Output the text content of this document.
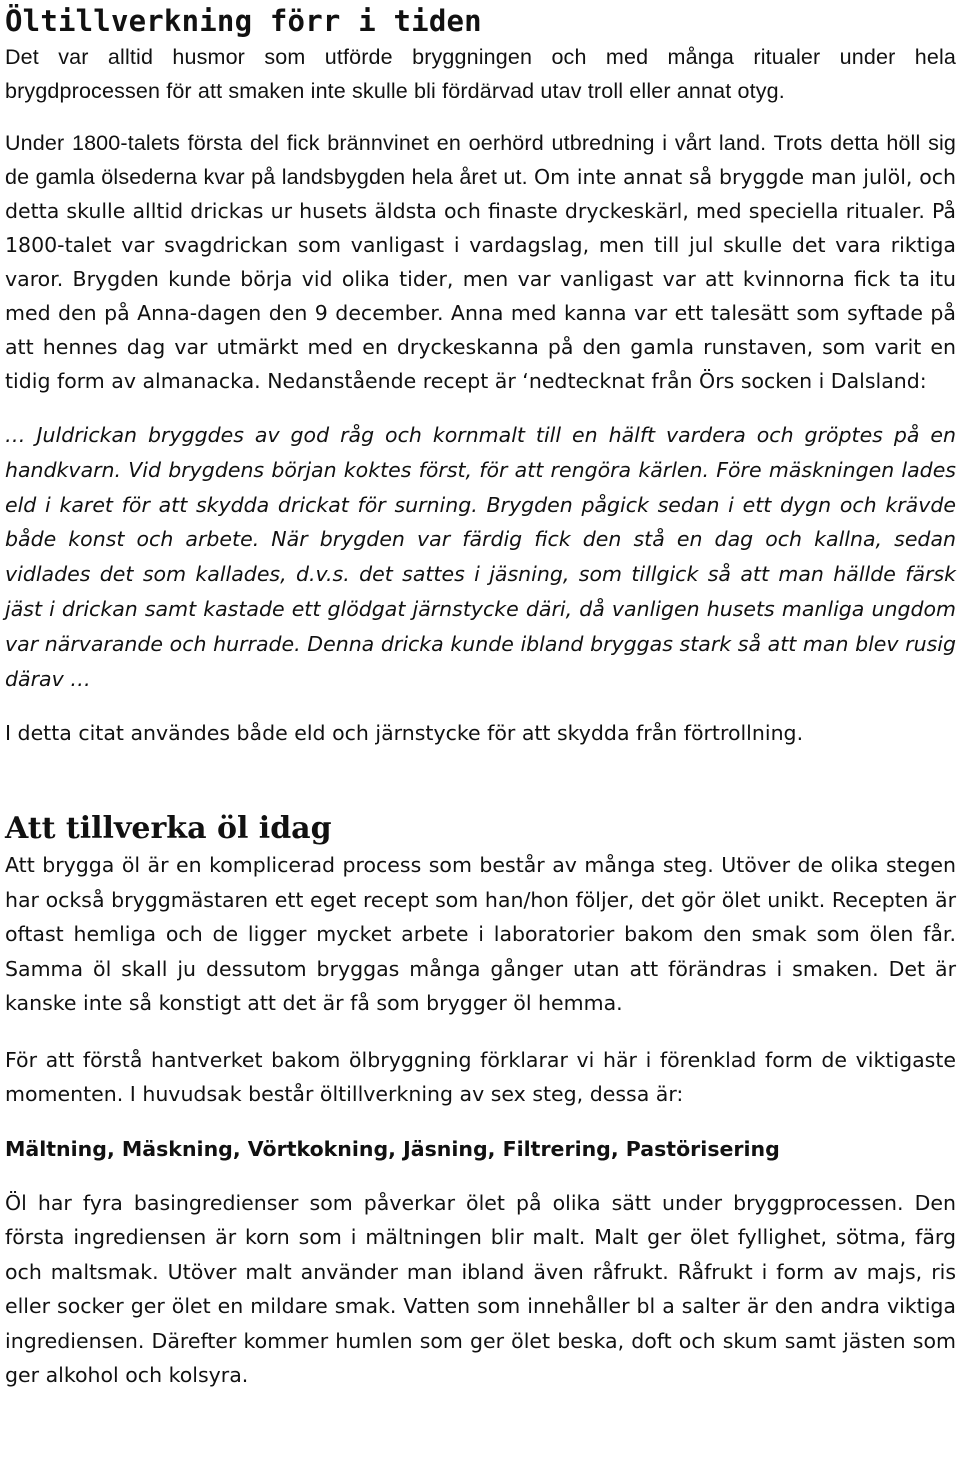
Öltillverkning förr i tiden

Det var alltid husmor som utförde bryggningen och med många ritualer under hela brygdprocessen för att smaken inte skulle bli fördärvad utav troll eller annat otyg.

Under 1800-talets första del fick brännvinet en oerhörd utbredning i vårt land. Trots detta höll sig de gamla ölsederna kvar på landsbygden hela året ut. Om inte annat så bryggde man julöl, och detta skulle alltid drickas ur husets äldsta och finaste dryckeskärl, med speciella ritualer. På 1800-talet var svagdrickan som vanligast i vardagslag, men till jul skulle det vara riktiga varor. Brygden kunde börja vid olika tider, men var vanligast var att kvinnorna fick ta itu med den på Anna-dagen den 9 december. Anna med kanna var ett talesätt som syftade på att hennes dag var utmärkt med en dryckeskanna på den gamla runstaven, som varit en tidig form av almanacka. Nedanstående recept är ‘nedtecknat från Örs socken i Dalsland:

… Juldrickan bryggdes av god råg och kornmalt till en hälft vardera och gröptes på en handkvarn. Vid brygdens början koktes först, för att rengöra kärlen. Före mäskningen lades eld i karet för att skydda drickat för surning. Brygden pågick sedan i ett dygn och krävde både konst och arbete. När brygden var färdig fick den stå en dag och kallna, sedan vidlades det som kallades, d.v.s. det sattes i jäsning, som tillgick så att man hällde färsk jäst i drickan samt kastade ett glödgat järnstycke däri, då vanligen husets manliga ungdom var närvarande och hurrade. Denna dricka kunde ibland bryggas stark så att man blev rusig därav …

I detta citat användes både eld och järnstycke för att skydda från förtrollning.

Att tillverka öl idag

Att brygga öl är en komplicerad process som består av många steg. Utöver de olika stegen har också bryggmästaren ett eget recept som han/hon följer, det gör ölet unikt. Recepten är oftast hemliga och de ligger mycket arbete i laboratorier bakom den smak som ölen får. Samma öl skall ju dessutom bryggas många gånger utan att förändras i smaken. Det är kanske inte så konstigt att det är få som brygger öl hemma.

För att förstå hantverket bakom ölbryggning förklarar vi här i förenklad form de viktigaste momenten. I huvudsak består öltillverkning av sex steg, dessa är:

Mältning, Mäskning, Vörtkokning, Jäsning, Filtrering, Pastörisering

Öl har fyra basingredienser som påverkar ölet på olika sätt under bryggprocessen. Den första ingrediensen är korn som i mältningen blir malt. Malt ger ölet fyllighet, sötma, färg och maltsmak. Utöver malt använder man ibland även råfrukt. Råfrukt i form av majs, ris eller socker ger ölet en mildare smak. Vatten som innehåller bl a salter är den andra viktiga ingrediensen. Därefter kommer humlen som ger ölet beska, doft och skum samt jästen som ger alkohol och kolsyra.
